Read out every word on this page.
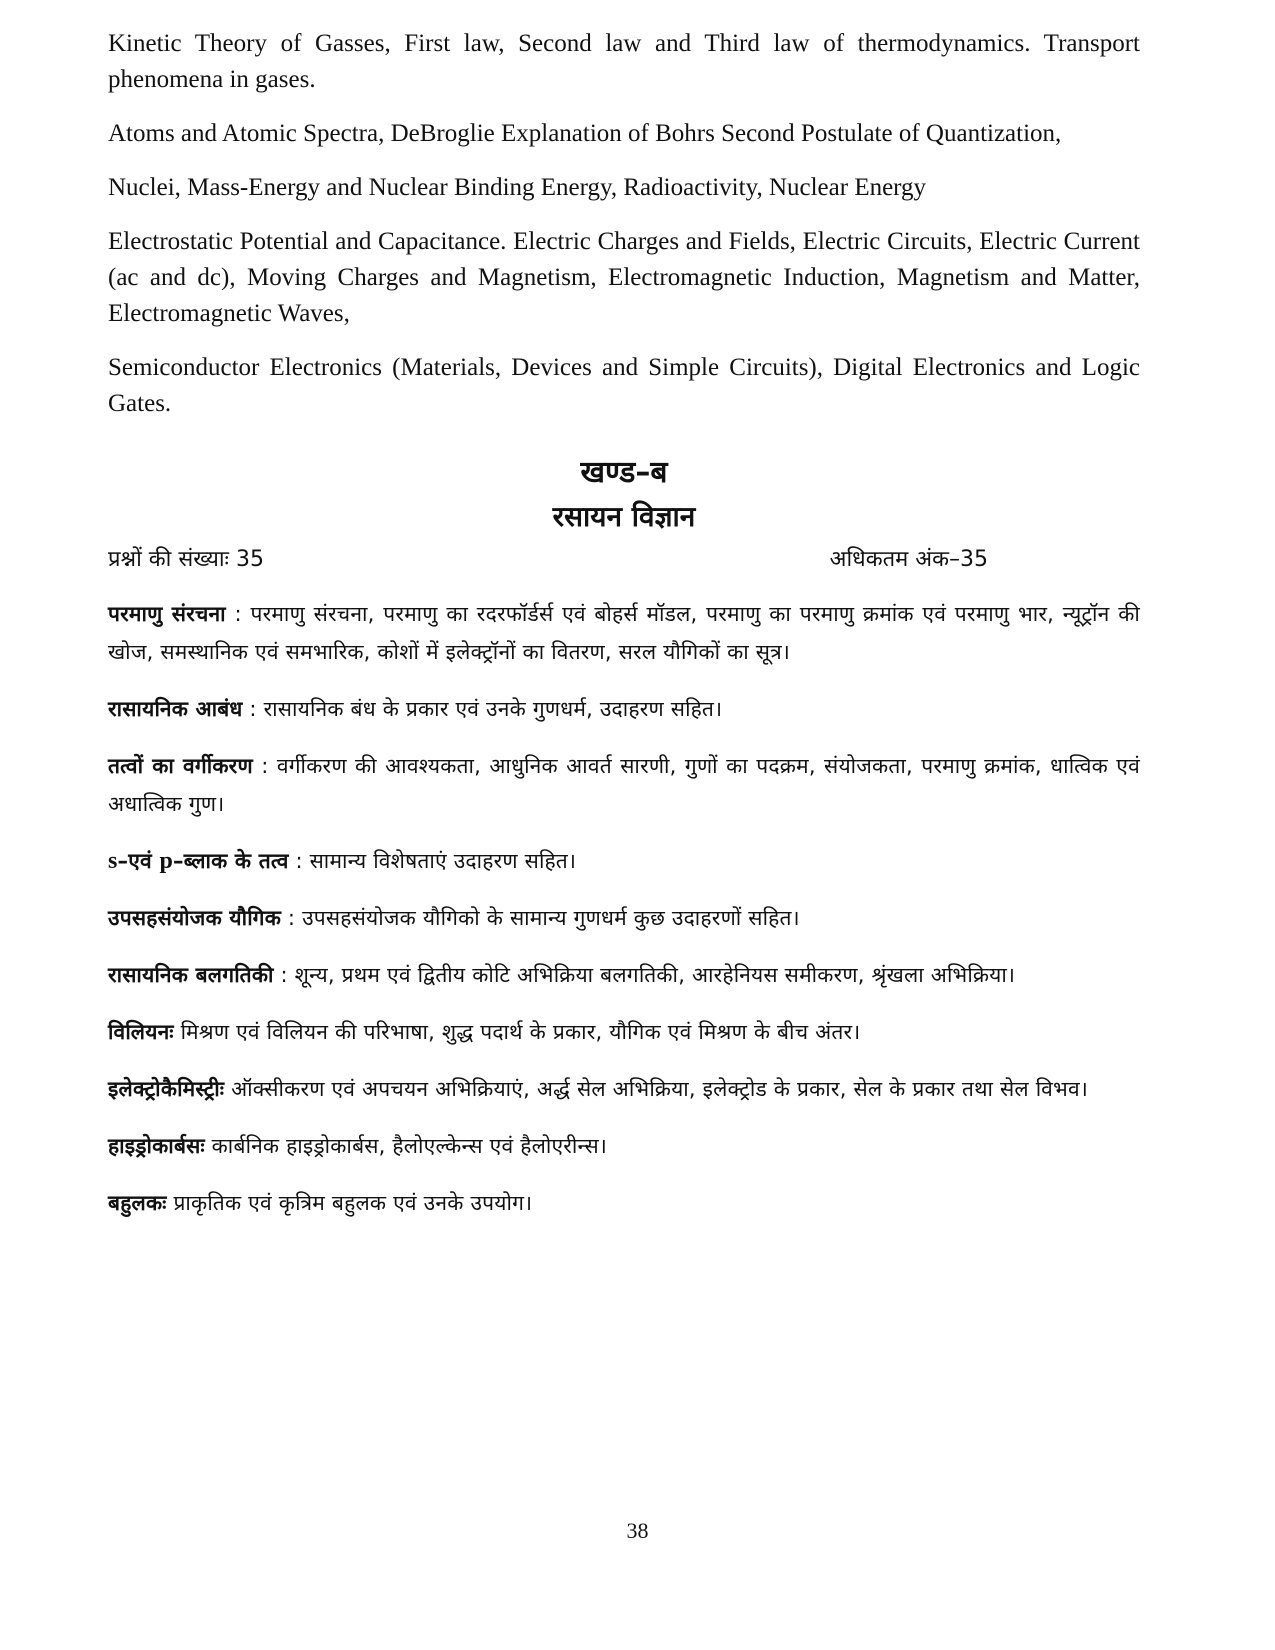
Kinetic Theory of Gasses, First law, Second law and Third law of thermodynamics. Transport phenomena in gases.

Atoms and Atomic Spectra, DeBroglie Explanation of Bohrs Second Postulate of Quantization,

Nuclei, Mass-Energy and Nuclear Binding Energy, Radioactivity, Nuclear Energy

Electrostatic Potential and Capacitance. Electric Charges and Fields, Electric Circuits, Electric Current (ac and dc), Moving Charges and Magnetism, Electromagnetic Induction, Magnetism and Matter, Electromagnetic Waves,

Semiconductor Electronics (Materials, Devices and Simple Circuits), Digital Electronics and Logic Gates.

खण्ड–ब
रसायन विज्ञान
प्रश्नों की संख्याः 35	अधिकतम अंक–35

परमाणु संरचना : परमाणु संरचना, परमाणु का रदरफॉर्डर्स एवं बोहर्स मॉडल, परमाणु का परमाणु क्रमांक एवं परमाणु भार, न्यूट्रॉन की खोज, समस्थानिक एवं समभारिक, कोशों में इलेक्ट्रॉनों का वितरण, सरल यौगिकों का सूत्र।

रासायनिक आबंध : रासायनिक बंध के प्रकार एवं उनके गुणधर्म, उदाहरण सहित।

तत्वों का वर्गीकरण : वर्गीकरण की आवश्यकता, आधुनिक आवर्त सारणी, गुणों का पदक्रम, संयोजकता, परमाणु क्रमांक, धात्विक एवं अधात्विक गुण।

s–एवं p–ब्लाक के तत्व : सामान्य विशेषताएं उदाहरण सहित।

उपसहसंयोजक यौगिक : उपसहसंयोजक यौगिको के सामान्य गुणधर्म कुछ उदाहरणों सहित।

रासायनिक बलगतिकी : शून्य, प्रथम एवं द्वितीय कोटि अभिक्रिया बलगतिकी, आरहेनियस समीकरण, श्रृंखला अभिक्रिया।

विलियनः मिश्रण एवं विलियन की परिभाषा, शुद्ध पदार्थ के प्रकार, यौगिक एवं मिश्रण के बीच अंतर।

इलेक्ट्रोकैमिस्ट्रीः ऑक्सीकरण एवं अपचयन अभिक्रियाएं, अर्द्ध सेल अभिक्रिया, इलेक्ट्रोड के प्रकार, सेल के प्रकार तथा सेल विभव।

हाइड्रोकार्बसः कार्बनिक हाइड्रोकार्बस, हैलोएल्केन्स एवं हैलोएरीन्स।

बहुलकः प्राकृतिक एवं कृत्रिम बहुलक एवं उनके उपयोग।

38
